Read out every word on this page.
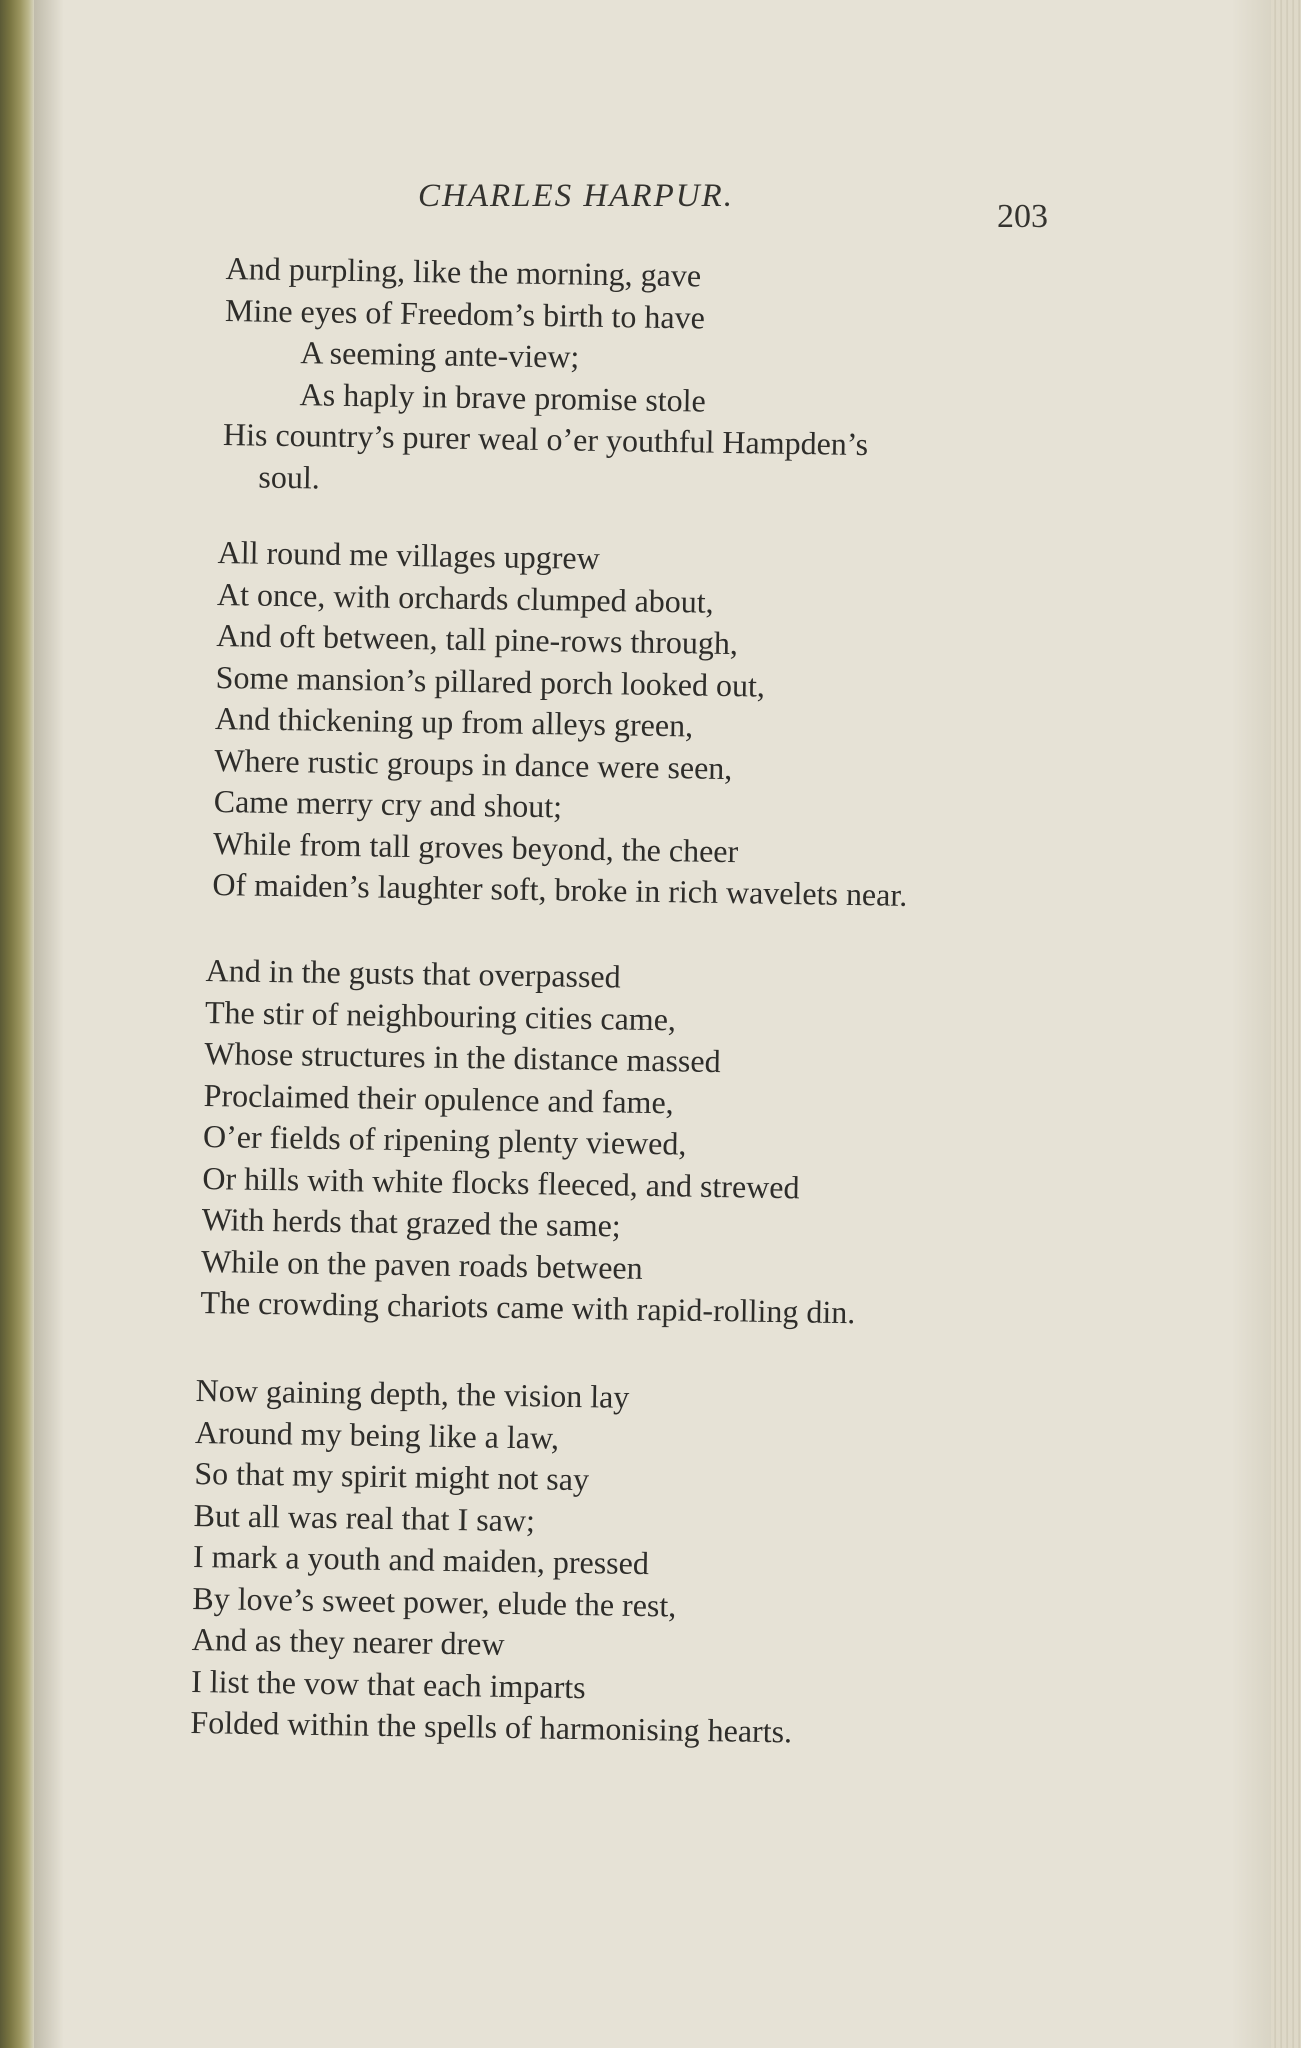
CHARLES HARPUR.
203
And purpling, like the morning, gave
Mine eyes of Freedom’s birth to have
A seeming ante-view;
As haply in brave promise stole
His country’s purer weal o’er youthful Hampden’s
soul.
All round me villages upgrew
At once, with orchards clumped about,
And oft between, tall pine-rows through,
Some mansion’s pillared porch looked out,
And thickening up from alleys green,
Where rustic groups in dance were seen,
Came merry cry and shout;
While from tall groves beyond, the cheer
Of maiden’s laughter soft, broke in rich wavelets near.
And in the gusts that overpassed
The stir of neighbouring cities came,
Whose structures in the distance massed
Proclaimed their opulence and fame,
O’er fields of ripening plenty viewed,
Or hills with white flocks fleeced, and strewed
With herds that grazed the same;
While on the paven roads between
The crowding chariots came with rapid-rolling din.
Now gaining depth, the vision lay
Around my being like a law,
So that my spirit might not say
But all was real that I saw;
I mark a youth and maiden, pressed
By love’s sweet power, elude the rest,
And as they nearer drew
I list the vow that each imparts
Folded within the spells of harmonising hearts.
